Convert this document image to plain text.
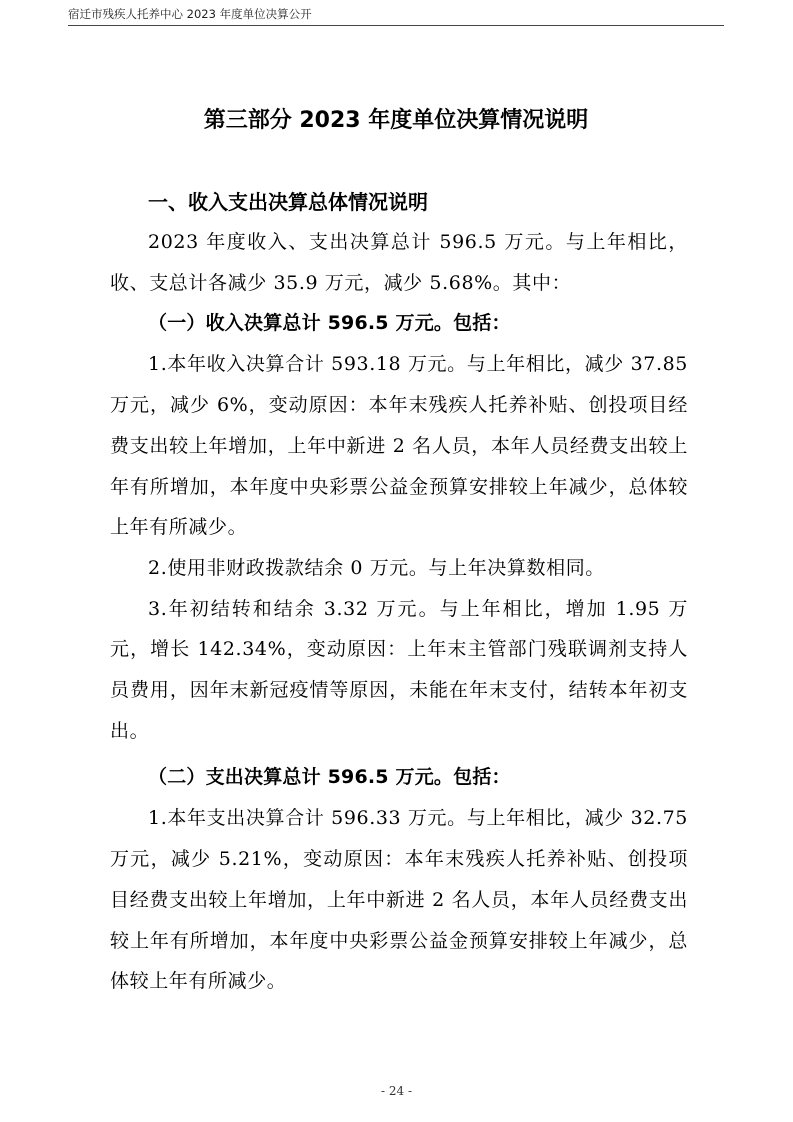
宿迁市残疾人托养中心 2023 年度单位决算公开
第三部分 2023 年度单位决算情况说明
一、收入支出决算总体情况说明

2023 年度收入、支出决算总计 596.5 万元。与上年相比，收、支总计各减少 35.9 万元，减少 5.68%。其中：

（一）收入决算总计 596.5 万元。包括：

1.本年收入决算合计 593.18 万元。与上年相比，减少 37.85 万元，减少 6%，变动原因：本年末残疾人托养补贴、创投项目经费支出较上年增加，上年中新进 2 名人员，本年人员经费支出较上年有所增加，本年度中央彩票公益金预算安排较上年减少，总体较上年有所减少。

2.使用非财政拨款结余 0 万元。与上年决算数相同。

3.年初结转和结余 3.32 万元。与上年相比，增加 1.95 万元，增长 142.34%，变动原因：上年末主管部门残联调剂支持人员费用，因年末新冠疫情等原因，未能在年末支付，结转本年初支出。

（二）支出决算总计 596.5 万元。包括：

1.本年支出决算合计 596.33 万元。与上年相比，减少 32.75 万元，减少 5.21%，变动原因：本年末残疾人托养补贴、创投项目经费支出较上年增加，上年中新进 2 名人员，本年人员经费支出较上年有所增加，本年度中央彩票公益金预算安排较上年减少，总体较上年有所减少。

- 24 -
